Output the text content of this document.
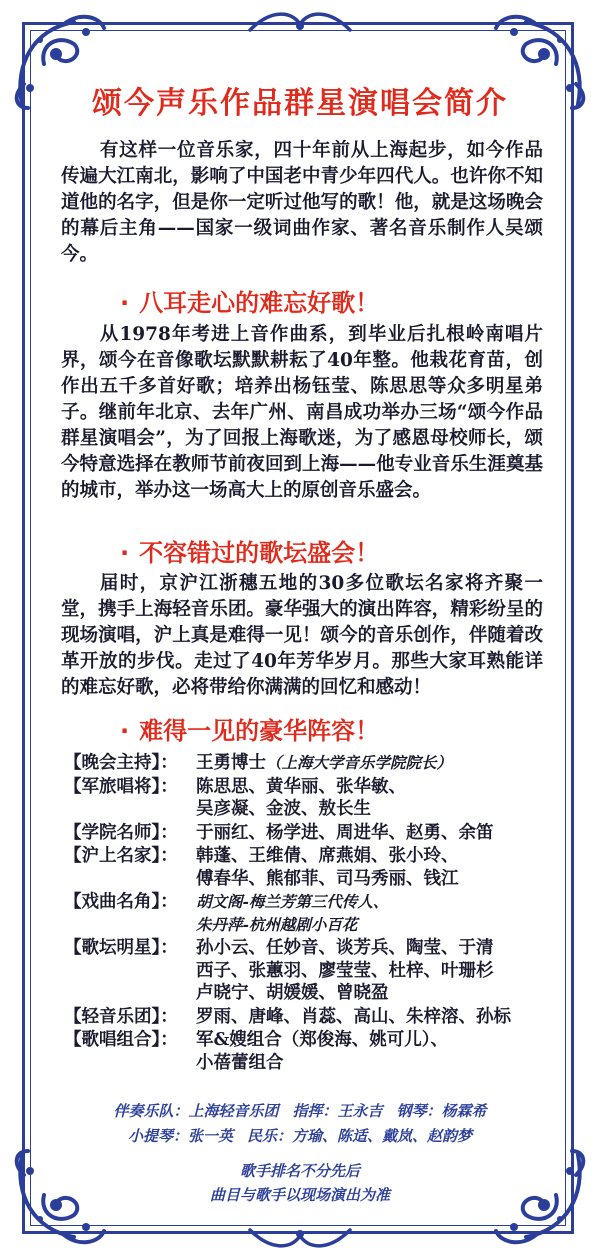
颂今声乐作品群星演唱会简介
有这样一位音乐家，四十年前从上海起步，如今作品传遍大江南北，影响了中国老中青少年四代人。也许你不知道他的名字，但是你一定听过他写的歌！他，就是这场晚会的幕后主角——国家一级词曲作家、著名音乐制作人吴颂今。
· 八耳走心的难忘好歌！
从1978年考进上音作曲系，到毕业后扎根岭南唱片界，颂今在音像歌坛默默耕耘了40年整。他栽花育苗，创作出五千多首好歌；培养出杨钰莹、陈思思等众多明星弟子。继前年北京、去年广州、南昌成功举办三场“颂今作品群星演唱会”，为了回报上海歌迷，为了感恩母校师长，颂今特意选择在教师节前夜回到上海——他专业音乐生涯奠基的城市，举办这一场高大上的原创音乐盛会。
· 不容错过的歌坛盛会！
届时，京沪江浙穗五地的30多位歌坛名家将齐聚一堂，携手上海轻音乐团。豪华强大的演出阵容，精彩纷呈的现场演唱，沪上真是难得一见！颂今的音乐创作，伴随着改革开放的步伐。走过了40年芳华岁月。那些大家耳熟能详的难忘好歌，必将带给你满满的回忆和感动！
· 难得一见的豪华阵容！
【晚会主持】：	王勇博士（上海大学音乐学院院长）
【军旅唱将】：	陈思思、黄华丽、张华敏、
吴彦凝、金波、敖长生
【学院名师】：	于丽红、杨学进、周进华、赵勇、余笛
【沪上名家】：	韩蓬、王维倩、席燕娟、张小玲、
傅春华、熊郁菲、司马秀丽、钱江
【戏曲名角】：	胡文阁-梅兰芳第三代传人、
朱丹萍-杭州越剧小百花
【歌坛明星】：	孙小云、任妙音、谈芳兵、陶莹、于清
西子、张蕙羽、廖莹莹、杜梓、叶珊杉
卢晓宁、胡媛媛、曾晓盈
【轻音乐团】：	罗雨、唐峰、肖蕊、高山、朱梓溶、孙标
【歌唱组合】：	军&嫂组合（郑俊海、姚可儿）、
小蓓蕾组合
伴奏乐队：上海轻音乐团 指挥：王永吉 钢琴：杨霖希
小提琴：张一英 民乐：方瑜、陈适、戴岚、赵韵梦
歌手排名不分先后
曲目与歌手以现场演出为准
